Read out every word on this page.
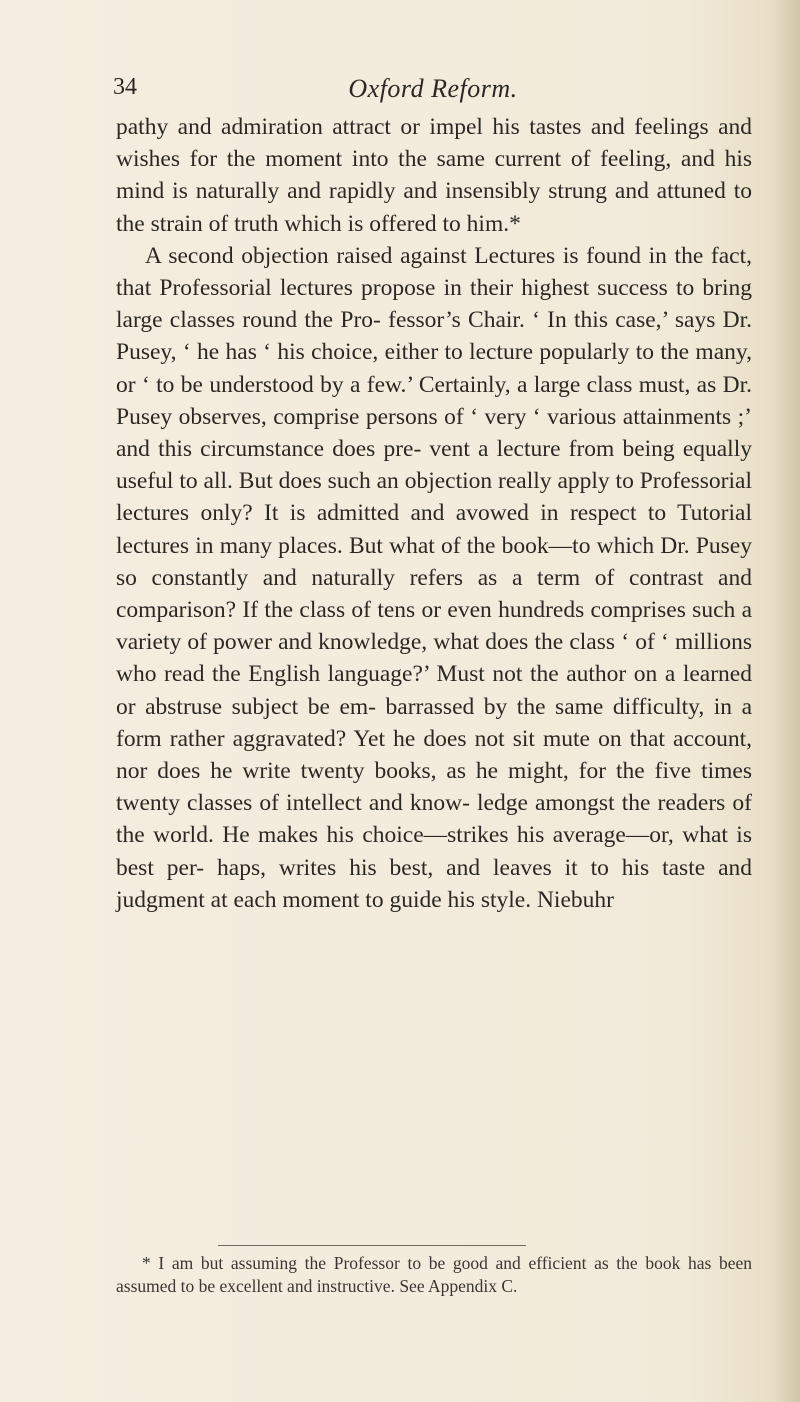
34	Oxford Reform.

pathy and admiration attract or impel his tastes and feelings and wishes for the moment into the same current of feeling, and his mind is naturally and rapidly and insensibly strung and attuned to the strain of truth which is offered to him.*

A second objection raised against Lectures is found in the fact, that Professorial lectures propose in their highest success to bring large classes round the Pro- fessor’s Chair. ‘ In this case,’ says Dr. Pusey, ‘ he has ‘ his choice, either to lecture popularly to the many, or ‘ to be understood by a few.’ Certainly, a large class must, as Dr. Pusey observes, comprise persons of ‘ very ‘ various attainments ;’ and this circumstance does pre- vent a lecture from being equally useful to all. But does such an objection really apply to Professorial lectures only? It is admitted and avowed in respect to Tutorial lectures in many places. But what of the book—to which Dr. Pusey so constantly and naturally refers as a term of contrast and comparison? If the class of tens or even hundreds comprises such a variety of power and knowledge, what does the class ‘ of ‘ millions who read the English language?’ Must not the author on a learned or abstruse subject be em- barrassed by the same difficulty, in a form rather aggravated? Yet he does not sit mute on that account, nor does he write twenty books, as he might, for the five times twenty classes of intellect and know- ledge amongst the readers of the world. He makes his choice—strikes his average—or, what is best per- haps, writes his best, and leaves it to his taste and judgment at each moment to guide his style. Niebuhr

* I am but assuming the Professor to be good and efficient as the book has been assumed to be excellent and instructive. See Appendix C.
